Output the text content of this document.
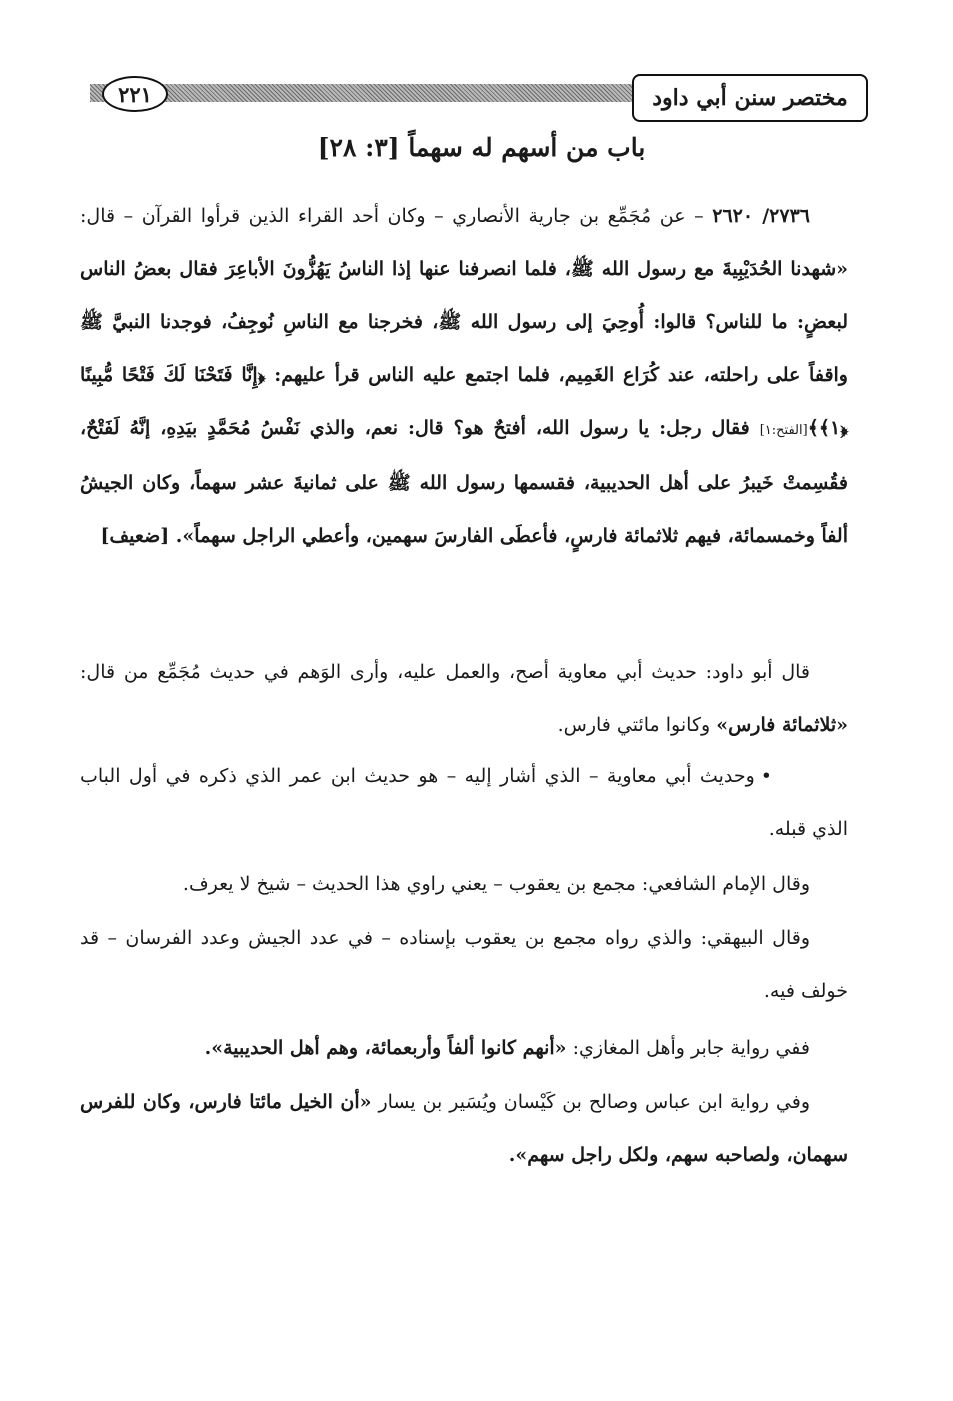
٢٢١	مختصر سنن أبي داود
باب من أسهم له سهماً [٣: ٢٨]
٢٧٣٦/ ٢٦٢٠ – عن مُجَمِّع بن جارية الأنصاري – وكان أحد القراء الذين قرأوا القرآن – قال: «شهدنا الحُدَيْبِيةَ مع رسول الله ﷺ، فلما انصرفنا عنها إذا الناسُ يَهُزُّونَ الأباعِرَ فقال بعضُ الناس لبعضٍ: ما للناس؟ قالوا: أُوحِيَ إلى رسول الله ﷺ، فخرجنا مع الناسِ نُوجِفُ، فوجدنا النبيَّ ﷺ واقفاً على راحلته، عند كُرَاع الغَمِيم، فلما اجتمع عليه الناس قرأ عليهم: ﴿إِنَّا فَتَحْنَا لَكَ فَتْحًا مُّبِينًا ﴿١﴾﴾[الفتح:١] فقال رجل: يا رسول الله، أفتحٌ هو؟ قال: نعم، والذي نَفْسُ مُحَمَّدٍ بيَدِهِ، إنَّهُ لَفَتْحٌ، فقُسِمتْ خَيبرُ على أهل الحديبية، فقسمها رسول الله ﷺ على ثمانيةَ عشر سهماً، وكان الجيشُ ألفاً وخمسمائة، فيهم ثلاثمائة فارسٍ، فأعطَى الفارسَ سهمين، وأعطي الراجل سهماً». [ضعيف]
قال أبو داود: حديث أبي معاوية أصح، والعمل عليه، وأرى الوَهم في حديث مُجَمِّع من قال: «ثلاثمائة فارس» وكانوا مائتي فارس.
•وحديث أبي معاوية – الذي أشار إليه – هو حديث ابن عمر الذي ذكره في أول الباب الذي قبله.
وقال الإمام الشافعي: مجمع بن يعقوب – يعني راوي هذا الحديث – شيخ لا يعرف.
وقال البيهقي: والذي رواه مجمع بن يعقوب بإسناده – في عدد الجيش وعدد الفرسان – قد خولف فيه.
ففي رواية جابر وأهل المغازي: «أنهم كانوا ألفاً وأربعمائة، وهم أهل الحديبية».
وفي رواية ابن عباس وصالح بن كَيْسان ويُسَير بن يسار «أن الخيل مائتا فارس، وكان للفرس سهمان، ولصاحبه سهم، ولكل راجل سهم».
